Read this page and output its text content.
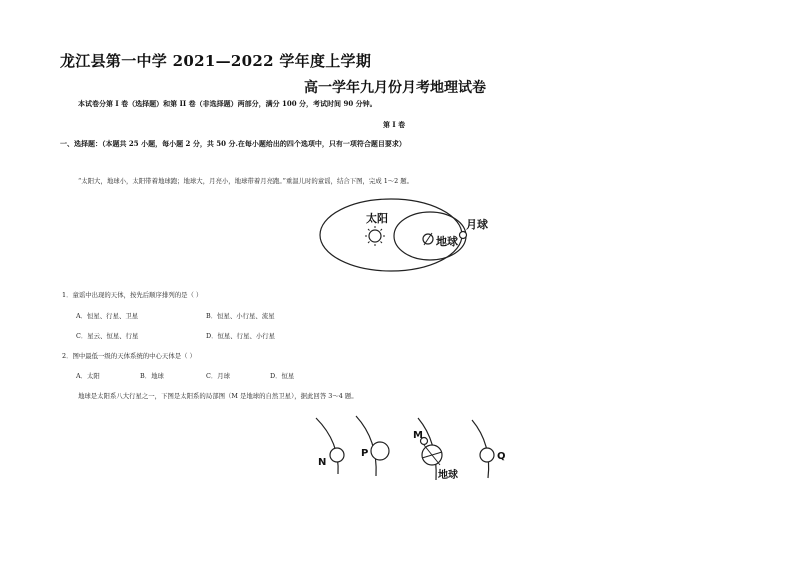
龙江县第一中学 2021—2022 学年度上学期
高一学年九月份月考地理试卷
本试卷分第 I 卷（选择题）和第 II 卷（非选择题）两部分，满分 100 分，考试时间 90 分钟。
第 I 卷
一、选择题：（本题共 25 小题，每小题 2 分，共 50 分.在每小题给出的四个选项中，只有一项符合题目要求）
“太阳大，地球小，太阳带着地球跑；地球大，月亮小，地球带着月亮跑。”重温儿时的童谣，结合下图，完成 1～2 题。
太阳
地球
月球
N
P
M
Q
地球
1．童谣中出现的天体，按先后顺序排列的是（ ）
A．恒星、行星、卫星	B．恒星、小行星、流星
C．星云、恒星、行星	D．恒星、行星、小行星
2．图中最低一级的天体系统的中心天体是（ ）
A．太阳	B．地球	C．月球	D．恒星
地球是太阳系八大行星之一，下图是太阳系的局部图（M 是地球的自然卫星），据此回答 3～4 题。
